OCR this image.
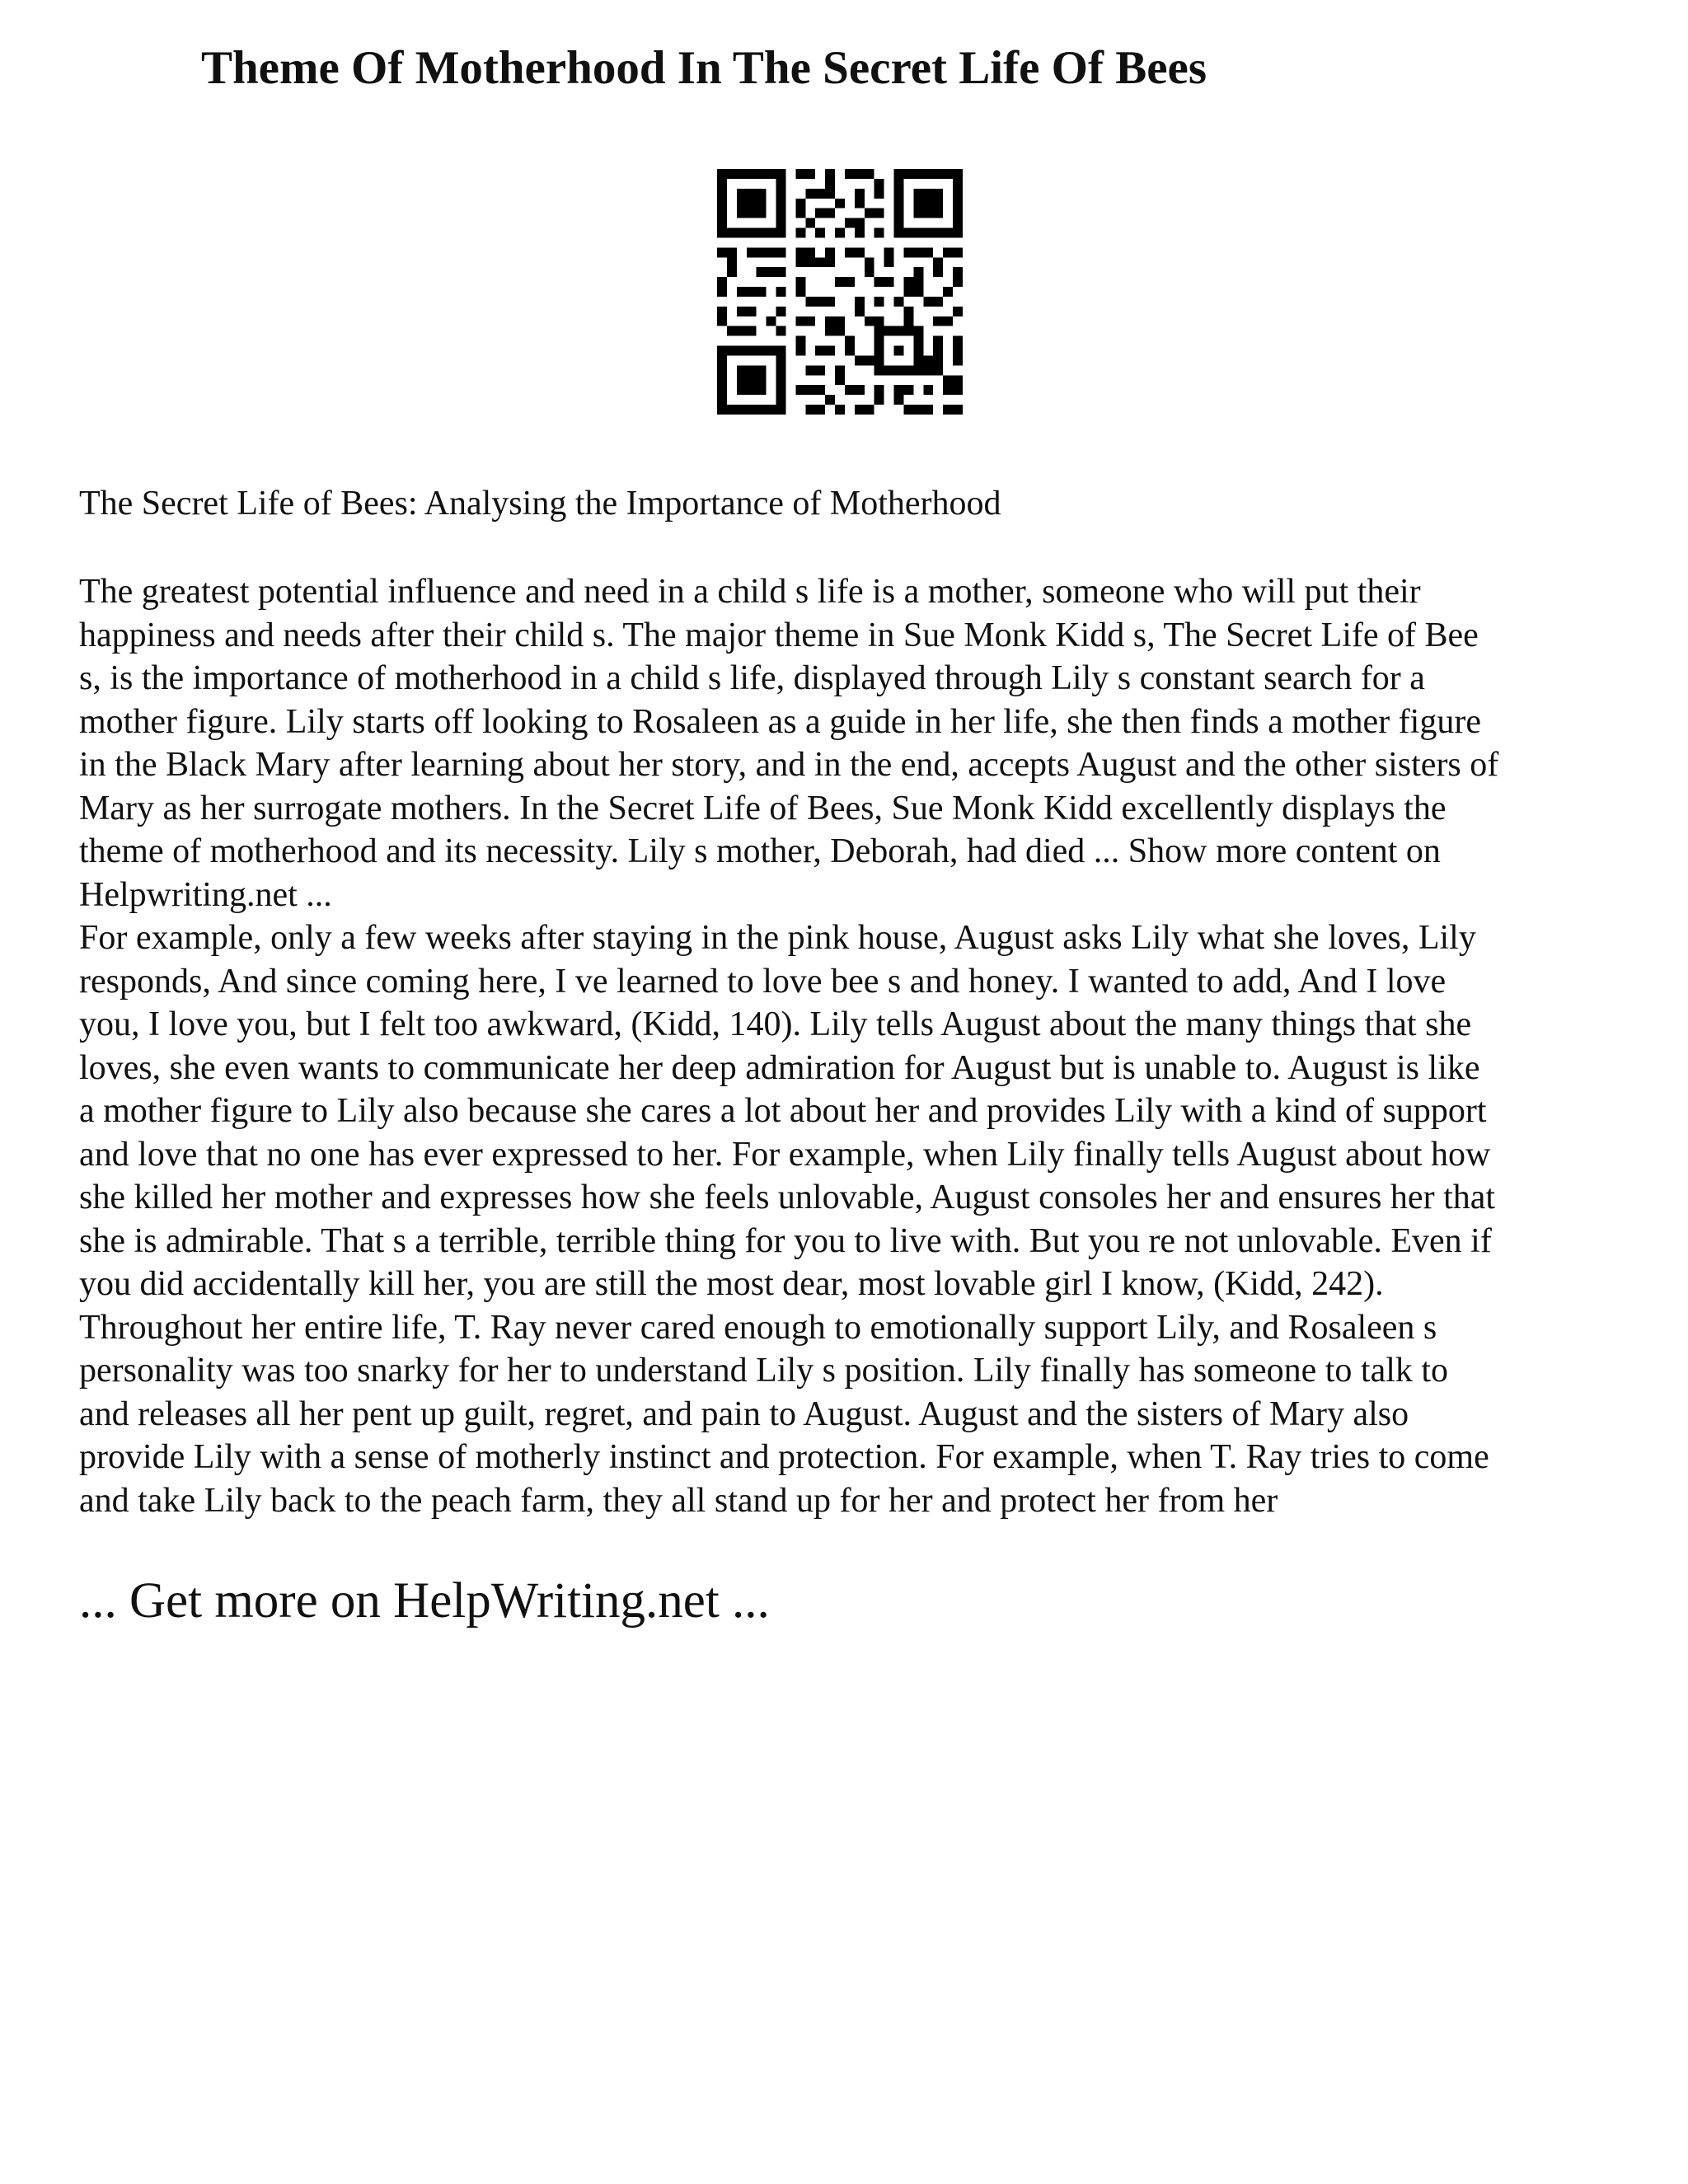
Theme Of Motherhood In The Secret Life Of Bees
The Secret Life of Bees: Analysing the Importance of Motherhood
The greatest potential influence and need in a child s life is a mother, someone who will put their
happiness and needs after their child s. The major theme in Sue Monk Kidd s, The Secret Life of Bee
s, is the importance of motherhood in a child s life, displayed through Lily s constant search for a
mother figure. Lily starts off looking to Rosaleen as a guide in her life, she then finds a mother figure
in the Black Mary after learning about her story, and in the end, accepts August and the other sisters of
Mary as her surrogate mothers. In the Secret Life of Bees, Sue Monk Kidd excellently displays the
theme of motherhood and its necessity. Lily s mother, Deborah, had died ... Show more content on
Helpwriting.net ...
For example, only a few weeks after staying in the pink house, August asks Lily what she loves, Lily
responds, And since coming here, I ve learned to love bee s and honey. I wanted to add, And I love
you, I love you, but I felt too awkward, (Kidd, 140). Lily tells August about the many things that she
loves, she even wants to communicate her deep admiration for August but is unable to. August is like
a mother figure to Lily also because she cares a lot about her and provides Lily with a kind of support
and love that no one has ever expressed to her. For example, when Lily finally tells August about how
she killed her mother and expresses how she feels unlovable, August consoles her and ensures her that
she is admirable. That s a terrible, terrible thing for you to live with. But you re not unlovable. Even if
you did accidentally kill her, you are still the most dear, most lovable girl I know, (Kidd, 242).
Throughout her entire life, T. Ray never cared enough to emotionally support Lily, and Rosaleen s
personality was too snarky for her to understand Lily s position. Lily finally has someone to talk to
and releases all her pent up guilt, regret, and pain to August. August and the sisters of Mary also
provide Lily with a sense of motherly instinct and protection. For example, when T. Ray tries to come
and take Lily back to the peach farm, they all stand up for her and protect her from her
... Get more on HelpWriting.net ...
